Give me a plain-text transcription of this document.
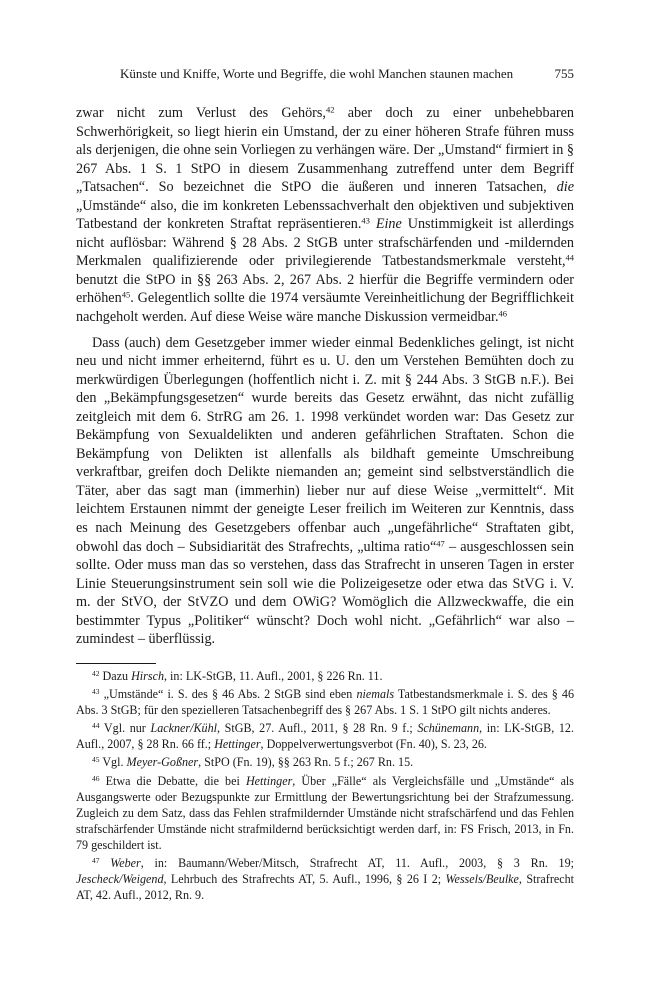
Künste und Kniffe, Worte und Begriffe, die wohl Manchen staunen machen	755

zwar nicht zum Verlust des Gehörs,$^{42}$ aber doch zu einer unbehebbaren Schwerhörigkeit, so liegt hierin ein Umstand, der zu einer höheren Strafe führen muss als derjenigen, die ohne sein Vorliegen zu verhängen wäre. Der „Umstand“ firmiert in § 267 Abs. 1 S. 1 StPO in diesem Zusammenhang zutreffend unter dem Begriff „Tatsachen“. So bezeichnet die StPO die äußeren und inneren Tatsachen, die „Umstände“ also, die im konkreten Lebenssachverhalt den objektiven und subjektiven Tatbestand der konkreten Straftat repräsentieren.$^{43}$ Eine Unstimmigkeit ist allerdings nicht auflösbar: Während § 28 Abs. 2 StGB unter strafschärfenden und -mildernden Merkmalen qualifizierende oder privilegierende Tatbestandsmerkmale versteht,$^{44}$ benutzt die StPO in §§ 263 Abs. 2, 267 Abs. 2 hierfür die Begriffe vermindern oder erhöhen$^{45}$. Gelegentlich sollte die 1974 versäumte Vereinheitlichung der Begrifflichkeit nachgeholt werden. Auf diese Weise wäre manche Diskussion vermeidbar.$^{46}$

Dass (auch) dem Gesetzgeber immer wieder einmal Bedenkliches gelingt, ist nicht neu und nicht immer erheiternd, führt es u. U. den um Verstehen Bemühten doch zu merkwürdigen Überlegungen (hoffentlich nicht i. Z. mit § 244 Abs. 3 StGB n.F.). Bei den „Bekämpfungsgesetzen“ wurde bereits das Gesetz erwähnt, das nicht zufällig zeitgleich mit dem 6. StrRG am 26. 1. 1998 verkündet worden war: Das Gesetz zur Bekämpfung von Sexualdelikten und anderen gefährlichen Straftaten. Schon die Bekämpfung von Delikten ist allenfalls als bildhaft gemeinte Umschreibung verkraftbar, greifen doch Delikte niemanden an; gemeint sind selbstverständlich die Täter, aber das sagt man (immerhin) lieber nur auf diese Weise „vermittelt“. Mit leichtem Erstaunen nimmt der geneigte Leser freilich im Weiteren zur Kenntnis, dass es nach Meinung des Gesetzgebers offenbar auch „ungefährliche“ Straftaten gibt, obwohl das doch – Subsidiarität des Strafrechts, „ultima ratio“$^{47}$ – ausgeschlossen sein sollte. Oder muss man das so verstehen, dass das Strafrecht in unseren Tagen in erster Linie Steuerungsinstrument sein soll wie die Polizeigesetze oder etwa das StVG i. V. m. der StVO, der StVZO und dem OWiG? Womöglich die Allzweckwaffe, die ein bestimmter Typus „Politiker“ wünscht? Doch wohl nicht. „Gefährlich“ war also – zumindest – überflüssig.

$^{42}$ Dazu Hirsch, in: LK-StGB, 11. Aufl., 2001, § 226 Rn. 11.

$^{43}$ „Umstände“ i. S. des § 46 Abs. 2 StGB sind eben niemals Tatbestandsmerkmale i. S. des § 46 Abs. 3 StGB; für den spezielleren Tatsachenbegriff des § 267 Abs. 1 S. 1 StPO gilt nichts anderes.

$^{44}$ Vgl. nur Lackner/Kühl, StGB, 27. Aufl., 2011, § 28 Rn. 9 f.; Schünemann, in: LK-StGB, 12. Aufl., 2007, § 28 Rn. 66 ff.; Hettinger, Doppelverwertungsverbot (Fn. 40), S. 23, 26.

$^{45}$ Vgl. Meyer-Goßner, StPO (Fn. 19), §§ 263 Rn. 5 f.; 267 Rn. 15.

$^{46}$ Etwa die Debatte, die bei Hettinger, Über „Fälle“ als Vergleichsfälle und „Umstände“ als Ausgangswerte oder Bezugspunkte zur Ermittlung der Bewertungsrichtung bei der Strafzumessung. Zugleich zu dem Satz, dass das Fehlen strafmildernder Umstände nicht strafschärfend und das Fehlen strafschärfender Umstände nicht strafmildernd berücksichtigt werden darf, in: FS Frisch, 2013, in Fn. 79 geschildert ist.

$^{47}$ Weber, in: Baumann/Weber/Mitsch, Strafrecht AT, 11. Aufl., 2003, § 3 Rn. 19; Jescheck/Weigend, Lehrbuch des Strafrechts AT, 5. Aufl., 1996, § 26 I 2; Wessels/Beulke, Strafrecht AT, 42. Aufl., 2012, Rn. 9.
